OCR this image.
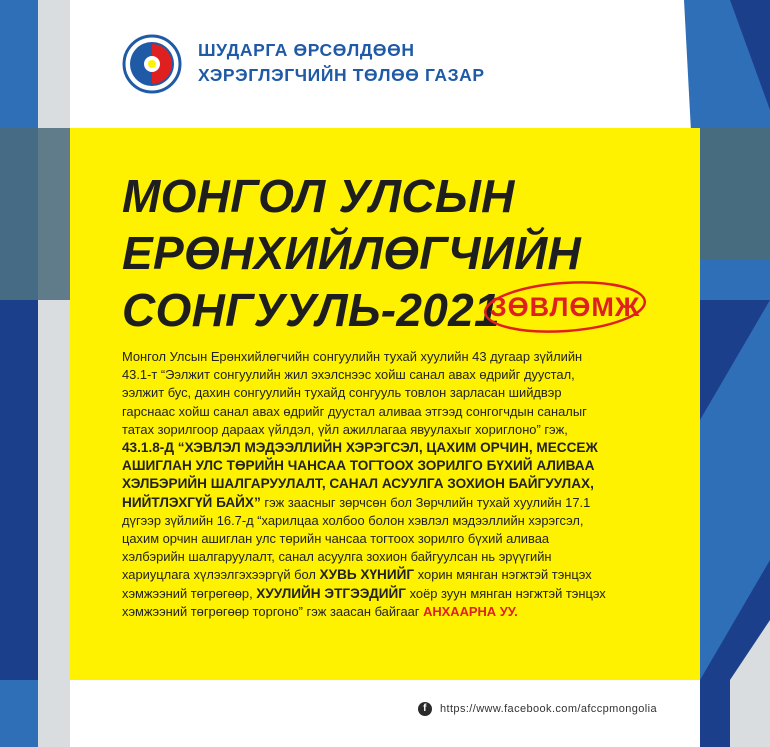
ШУДАРГА ӨРСӨЛДӨӨН
ХЭРЭГЛЭГЧИЙН ТӨЛӨӨ ГАЗАР
МОНГОЛ УЛСЫН
ЕРӨНХИЙЛӨГЧИЙН
СОНГУУЛЬ-2021
ЗӨВЛӨМЖ
Монгол Улсын Ерөнхийлөгчийн сонгуулийн тухай хуулийн 43 дугаар зүйлийн
43.1-т “Ээлжит сонгуулийн жил эхэлснээс хойш санал авах өдрийг дуустал,
ээлжит бус, дахин сонгуулийн тухайд сонгууль товлон зарласан шийдвэр
гарснаас хойш санал авах өдрийг дуустал аливаа этгээд сонгогчдын саналыг
татах зорилгоор дараах үйлдэл, үйл ажиллагаа явуулахыг хориглоно” гэж,
43.1.8-Д “ХЭВЛЭЛ МЭДЭЭЛЛИЙН ХЭРЭГСЭЛ, ЦАХИМ ОРЧИН, МЕССЕЖ
АШИГЛАН УЛС ТӨРИЙН ЧАНСАА ТОГТООХ ЗОРИЛГО БҮХИЙ АЛИВАА
ХЭЛБЭРИЙН ШАЛГАРУУЛАЛТ, САНАЛ АСУУЛГА ЗОХИОН БАЙГУУЛАХ,
НИЙТЛЭХГҮЙ БАЙХ” гэж заасныг зөрчсөн бол Зөрчлийн тухай хуулийн 17.1
дүгээр зүйлийн 16.7-д “харилцаа холбоо болон хэвлэл мэдээллийн хэрэгсэл,
цахим орчин ашиглан улс төрийн чансаа тогтоох зорилго бүхий аливаа
хэлбэрийн шалгаруулалт, санал асуулга зохион байгуулсан нь эрүүгийн
хариуцлага хүлээлгэхээргүй бол ХУВЬ ХҮНИЙГ хорин мянган нэгжтэй тэнцэх
хэмжээний төгрөгөөр, ХУУЛИЙН ЭТГЭЭДИЙГ хоёр зуун мянган нэгжтэй тэнцэх
хэмжээний төгрөгөөр торгоно” гэж заасан байгааг АНХААРНА УУ.
f https://www.facebook.com/afccpmongolia
